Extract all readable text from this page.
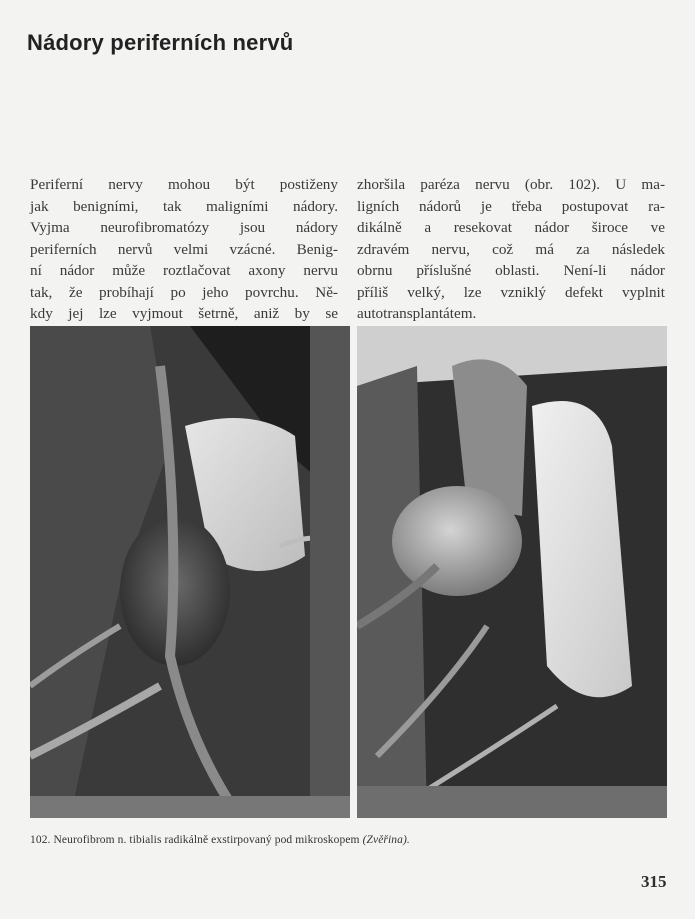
Nádory periferních nervů
Periferní nervy mohou být postiženy
jak benigními, tak maligními nádory.
Vyjma neurofibromatózy jsou nádory
periferních nervů velmi vzácné. Benig-
ní nádor může roztlačovat axony nervu
tak, že probíhají po jeho povrchu. Ně-
kdy jej lze vyjmout šetrně, aniž by se
zhoršila paréza nervu (obr. 102). U ma-
ligních nádorů je třeba postupovat ra-
dikálně a resekovat nádor široce ve
zdravém nervu, což má za následek
obrnu příslušné oblasti. Není-li nádor
příliš velký, lze vzniklý defekt vyplnit
autotransplantátem.
102. Neurofibrom n. tibialis radikálně exstirpovaný pod mikroskopem (Zvěřina).
315
